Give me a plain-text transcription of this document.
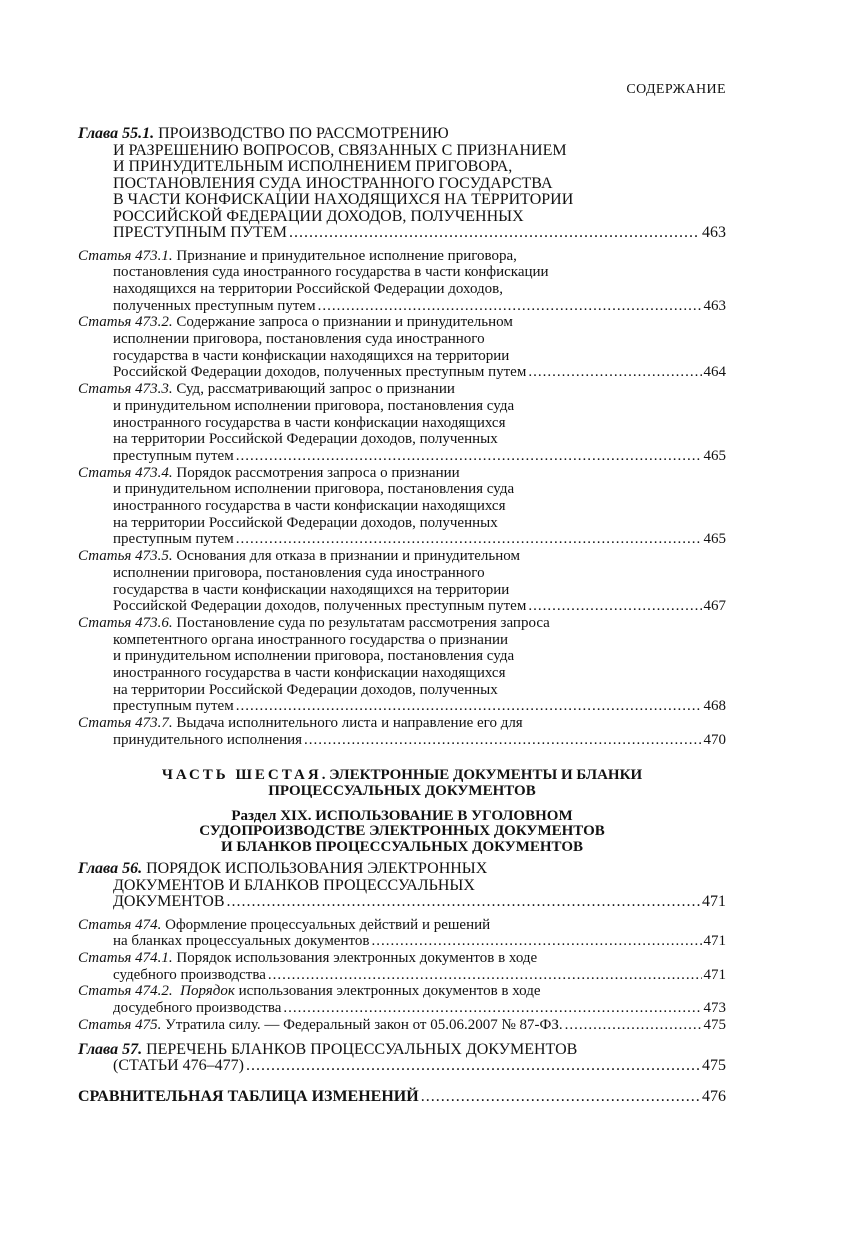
СОДЕРЖАНИЕ
Глава 55.1. ПРОИЗВОДСТВО ПО РАССМОТРЕНИЮ
И РАЗРЕШЕНИЮ ВОПРОСОВ, СВЯЗАННЫХ С ПРИЗНАНИЕМ
И ПРИНУДИТЕЛЬНЫМ ИСПОЛНЕНИЕМ ПРИГОВОРА,
ПОСТАНОВЛЕНИЯ СУДА ИНОСТРАННОГО ГОСУДАРСТВА
В ЧАСТИ КОНФИСКАЦИИ НАХОДЯЩИХСЯ НА ТЕРРИТОРИИ
РОССИЙСКОЙ ФЕДЕРАЦИИ ДОХОДОВ, ПОЛУЧЕННЫХ
ПРЕСТУПНЫМ ПУТЕМ .....	463
Статья 473.1. Признание и принудительное исполнение приговора,
постановления суда иностранного государства в части конфискации
находящихся на территории Российской Федерации доходов,
полученных преступным путем .....	463
Статья 473.2. Содержание запроса о признании и принудительном
исполнении приговора, постановления суда иностранного
государства в части конфискации находящихся на территории
Российской Федерации доходов, полученных преступным путем .....	464
Статья 473.3. Суд, рассматривающий запрос о признании
и принудительном исполнении приговора, постановления суда
иностранного государства в части конфискации находящихся
на территории Российской Федерации доходов, полученных
преступным путем .....	465
Статья 473.4. Порядок рассмотрения запроса о признании
и принудительном исполнении приговора, постановления суда
иностранного государства в части конфискации находящихся
на территории Российской Федерации доходов, полученных
преступным путем .....	465
Статья 473.5. Основания для отказа в признании и принудительном
исполнении приговора, постановления суда иностранного
государства в части конфискации находящихся на территории
Российской Федерации доходов, полученных преступным путем .....	467
Статья 473.6. Постановление суда по результатам рассмотрения запроса
компетентного органа иностранного государства о признании
и принудительном исполнении приговора, постановления суда
иностранного государства в части конфискации находящихся
на территории Российской Федерации доходов, полученных
преступным путем .....	468
Статья 473.7. Выдача исполнительного листа и направление его для
принудительного исполнения .....	470
ЧАСТЬ ШЕСТАЯ. ЭЛЕКТРОННЫЕ ДОКУМЕНТЫ И БЛАНКИ
ПРОЦЕССУАЛЬНЫХ ДОКУМЕНТОВ
Раздел XIX. ИСПОЛЬЗОВАНИЕ В УГОЛОВНОМ
СУДОПРОИЗВОДСТВЕ ЭЛЕКТРОННЫХ ДОКУМЕНТОВ
И БЛАНКОВ ПРОЦЕССУАЛЬНЫХ ДОКУМЕНТОВ
Глава 56. ПОРЯДОК ИСПОЛЬЗОВАНИЯ ЭЛЕКТРОННЫХ
ДОКУМЕНТОВ И БЛАНКОВ ПРОЦЕССУАЛЬНЫХ
ДОКУМЕНТОВ .....	471
Статья 474. Оформление процессуальных действий и решений
на бланках процессуальных документов .....	471
Статья 474.1. Порядок использования электронных документов в ходе
судебного производства .....	471
Статья 474.2. Порядок использования электронных документов в ходе
досудебного производства .....	473
Статья 475.
Утратила силу. — Федеральный закон от 05.06.2007 № 87-ФЗ. .....	475
Глава 57. ПЕРЕЧЕНЬ БЛАНКОВ ПРОЦЕССУАЛЬНЫХ ДОКУМЕНТОВ
(СТАТЬИ 476–477) .....	475
СРАВНИТЕЛЬНАЯ ТАБЛИЦА ИЗМЕНЕНИЙ .....	476
